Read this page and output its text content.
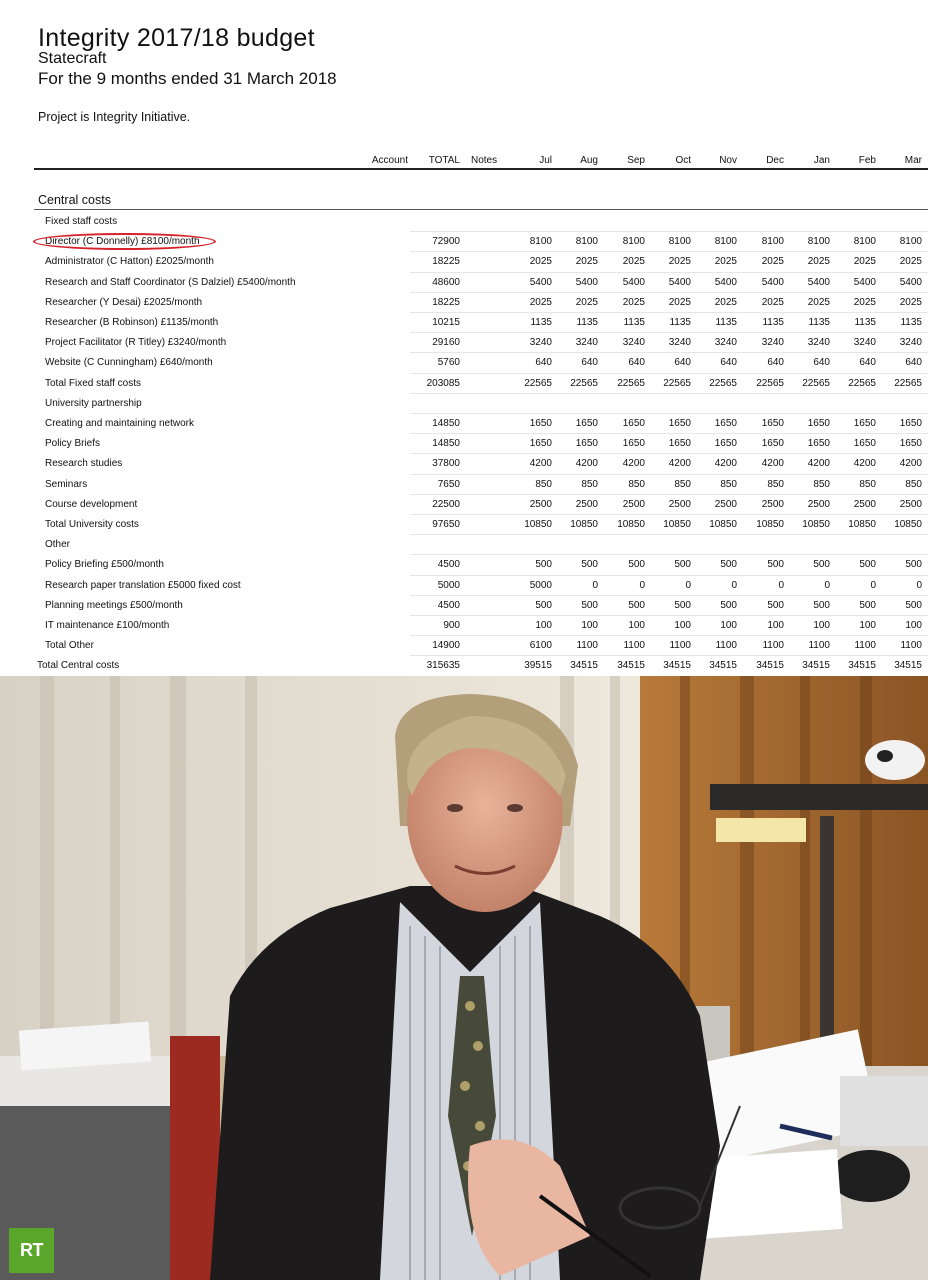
Integrity 2017/18 budget
Statecraft
For the 9 months ended 31 March 2018
Project is Integrity Initiative.
Account	TOTAL Notes	Jul	Aug	Sep	Oct	Nov	Dec	Jan	Feb	Mar
Central costs
Fixed staff costs
Director (C Donnelly) £8100/month	72900	8100	8100	8100	8100	8100	8100	8100	8100	8100
Administrator (C Hatton) £2025/month	18225	2025	2025	2025	2025	2025	2025	2025	2025	2025
Research and Staff Coordinator (S Dalziel) £5400/month	48600	5400	5400	5400	5400	5400	5400	5400	5400	5400
Researcher (Y Desai) £2025/month	18225	2025	2025	2025	2025	2025	2025	2025	2025	2025
Researcher (B Robinson) £1135/month	10215	1135	1135	1135	1135	1135	1135	1135	1135	1135
Project Facilitator (R Titley) £3240/month	29160	3240	3240	3240	3240	3240	3240	3240	3240	3240
Website (C Cunningham) £640/month	5760	640	640	640	640	640	640	640	640	640
Total Fixed staff costs	203085	22565	22565	22565	22565	22565	22565	22565	22565	22565
University partnership
Creating and maintaining network	14850	1650	1650	1650	1650	1650	1650	1650	1650	1650
Policy Briefs	14850	1650	1650	1650	1650	1650	1650	1650	1650	1650
Research studies	37800	4200	4200	4200	4200	4200	4200	4200	4200	4200
Seminars	7650	850	850	850	850	850	850	850	850	850
Course development	22500	2500	2500	2500	2500	2500	2500	2500	2500	2500
Total University costs	97650	10850	10850	10850	10850	10850	10850	10850	10850	10850
Other
Policy Briefing £500/month	4500	500	500	500	500	500	500	500	500	500
Research paper translation £5000 fixed cost	5000	5000	0	0	0	0	0	0	0	0
Planning meetings £500/month	4500	500	500	500	500	500	500	500	500	500
IT maintenance £100/month	900	100	100	100	100	100	100	100	100	100
Total Other	14900	6100	1100	1100	1100	1100	1100	1100	1100	1100
Total Central costs	315635	39515	34515	34515	34515	34515	34515	34515	34515	34515
RT
